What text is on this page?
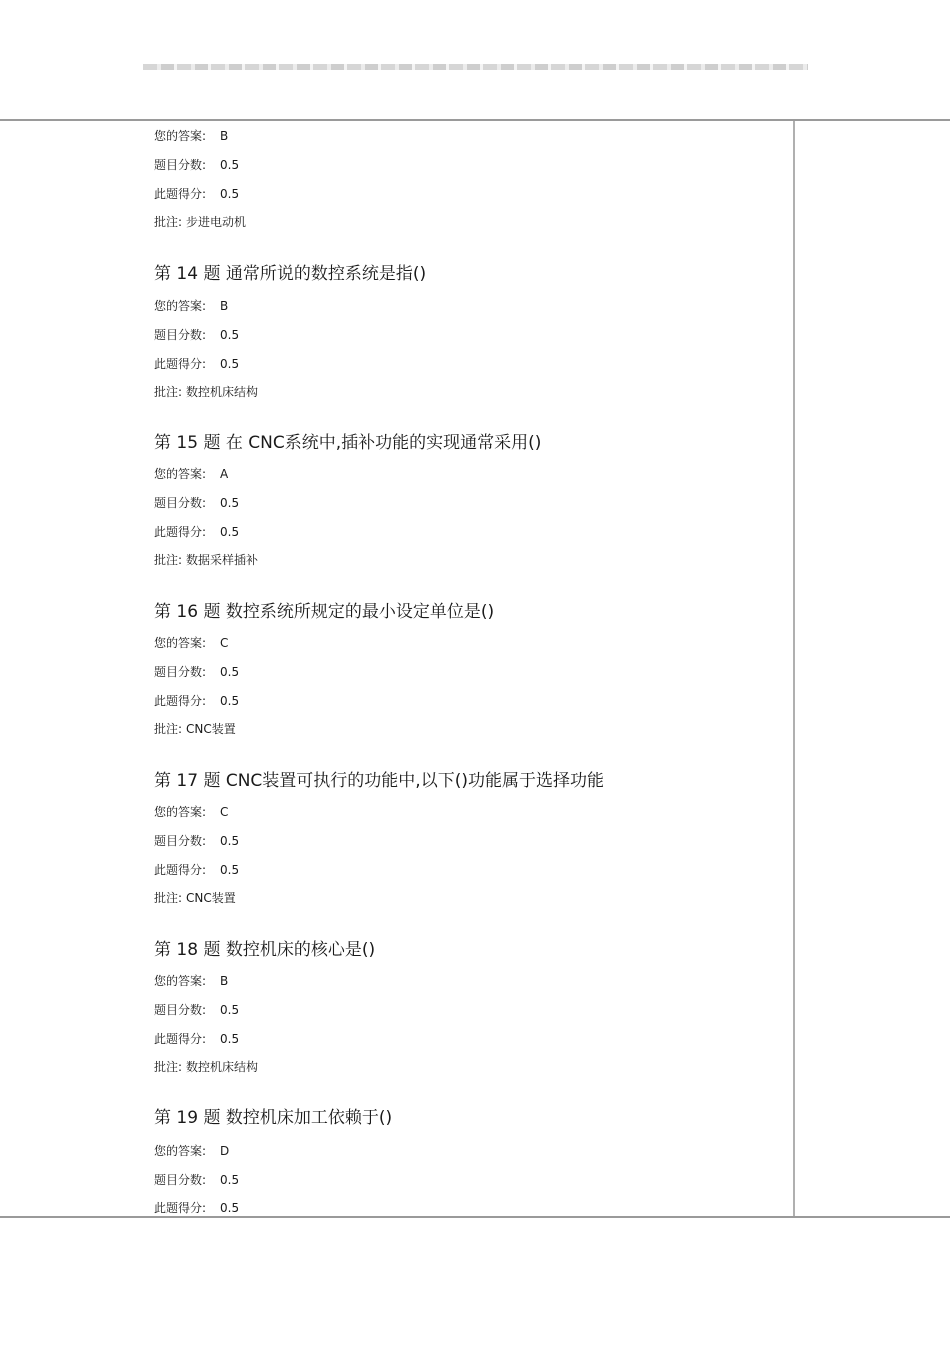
您的答案: B
题目分数: 0.5
此题得分: 0.5
批注: 步进电动机
第 14 题 通常所说的数控系统是指()
您的答案: B
题目分数: 0.5
此题得分: 0.5
批注: 数控机床结构
第 15 题 在 CNC系统中,插补功能的实现通常采用()
您的答案: A
题目分数: 0.5
此题得分: 0.5
批注: 数据采样插补
第 16 题 数控系统所规定的最小设定单位是()
您的答案: C
题目分数: 0.5
此题得分: 0.5
批注: CNC装置
第 17 题 CNC装置可执行的功能中,以下()功能属于选择功能
您的答案: C
题目分数: 0.5
此题得分: 0.5
批注: CNC装置
第 18 题 数控机床的核心是()
您的答案: B
题目分数: 0.5
此题得分: 0.5
批注: 数控机床结构
第 19 题 数控机床加工依赖于()
您的答案: D
题目分数: 0.5
此题得分: 0.5
